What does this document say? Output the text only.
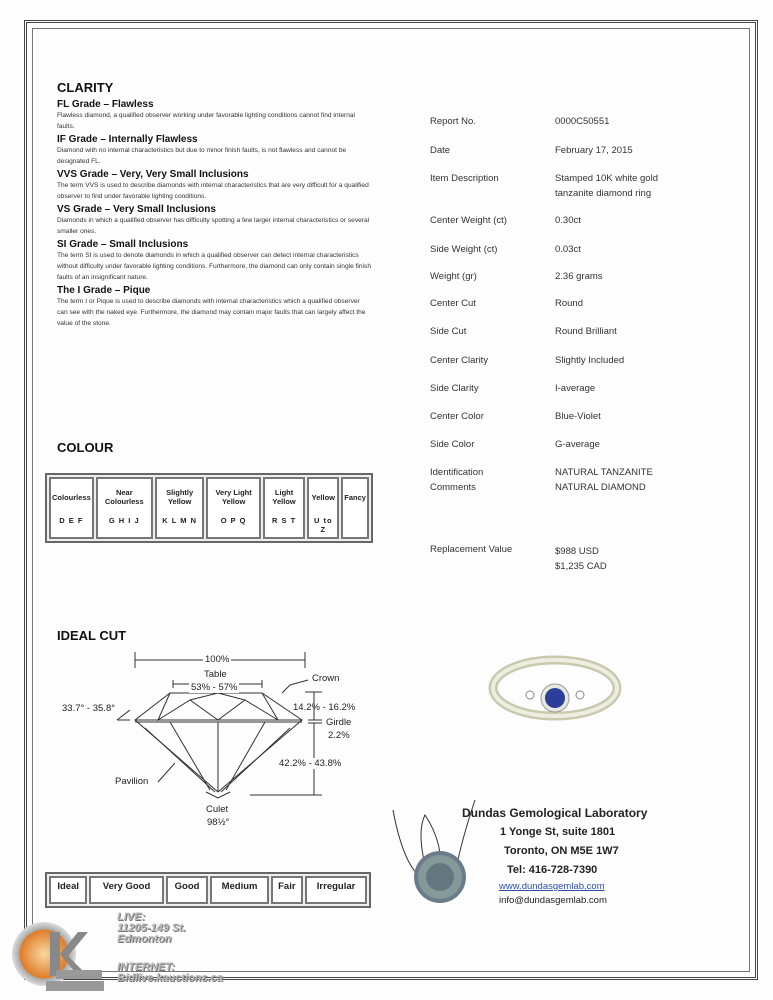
CLARITY
FL Grade – Flawless

Flawless diamond, a qualified observer working under favorable lighting conditions cannot find internal faults.

IF Grade – Internally Flawless

Diamond with no internal characteristics but due to minor finish faults, is not flawless and cannot be designated FL.

VVS Grade – Very, Very Small Inclusions

The term VVS is used to describe diamonds with internal characteristics that are very difficult for a qualified observer to find under favorable lighting conditions.

VS Grade – Very Small Inclusions

Diamonds in which a qualified observer has difficulty spotting a few larger internal characteristics or several smaller ones.

SI Grade – Small Inclusions

The term SI is used to denote diamonds in which a qualified observer can detect internal characteristics without difficulty under favorable lighting conditions. Furthermore, the diamond can only contain single finish faults of an insignificant nature.

The I Grade – Pique

The term I or Pique is used to describe diamonds with internal characteristics which a qualified observer can see with the naked eye. Furthermore, the diamond may contain major faults that can largely affect the value of the stone.

COLOUR
Colourless
D E F

Near Colourless
G H I J

Slightly Yellow
K L M N

Very Light Yellow
O P Q

Light Yellow
R S T

Yellow
U to Z

Fancy
IDEAL CUT
100%
Table
53% - 57%
Crown
33.7° - 35.8°	14.2% - 16.2%
Girdle
2.2%
42.2% - 43.8%
Pavilion
Culet
98½°
Ideal	Very Good	Good	Medium	Fair	Irregular
Report No.	0000C50551
Date	February 17, 2015
Item Description	Stamped 10K white gold
tanzanite diamond ring
Center Weight (ct)	0.30ct
Side Weight (ct)	0.03ct
Weight (gr)	2.36 grams
Center Cut	Round
Side Cut	Round Brilliant
Center Clarity	Slightly Included
Side Clarity	I-average
Center Color	Blue-Violet
Side Color	G-average
Identification
Comments
NATURAL TANZANITE
NATURAL DIAMOND
Replacement Value	$988 USD
$1,235 CAD
Dundas Gemological Laboratory
1 Yonge St, suite 1801
Toronto, ON M5E 1W7
Tel: 416-728-7390
www.dundasgemlab.com
info@dundasgemlab.com
LIVE:
11205-149 St.
Edmonton
INTERNET:
Bidlive.kauctions.ca
